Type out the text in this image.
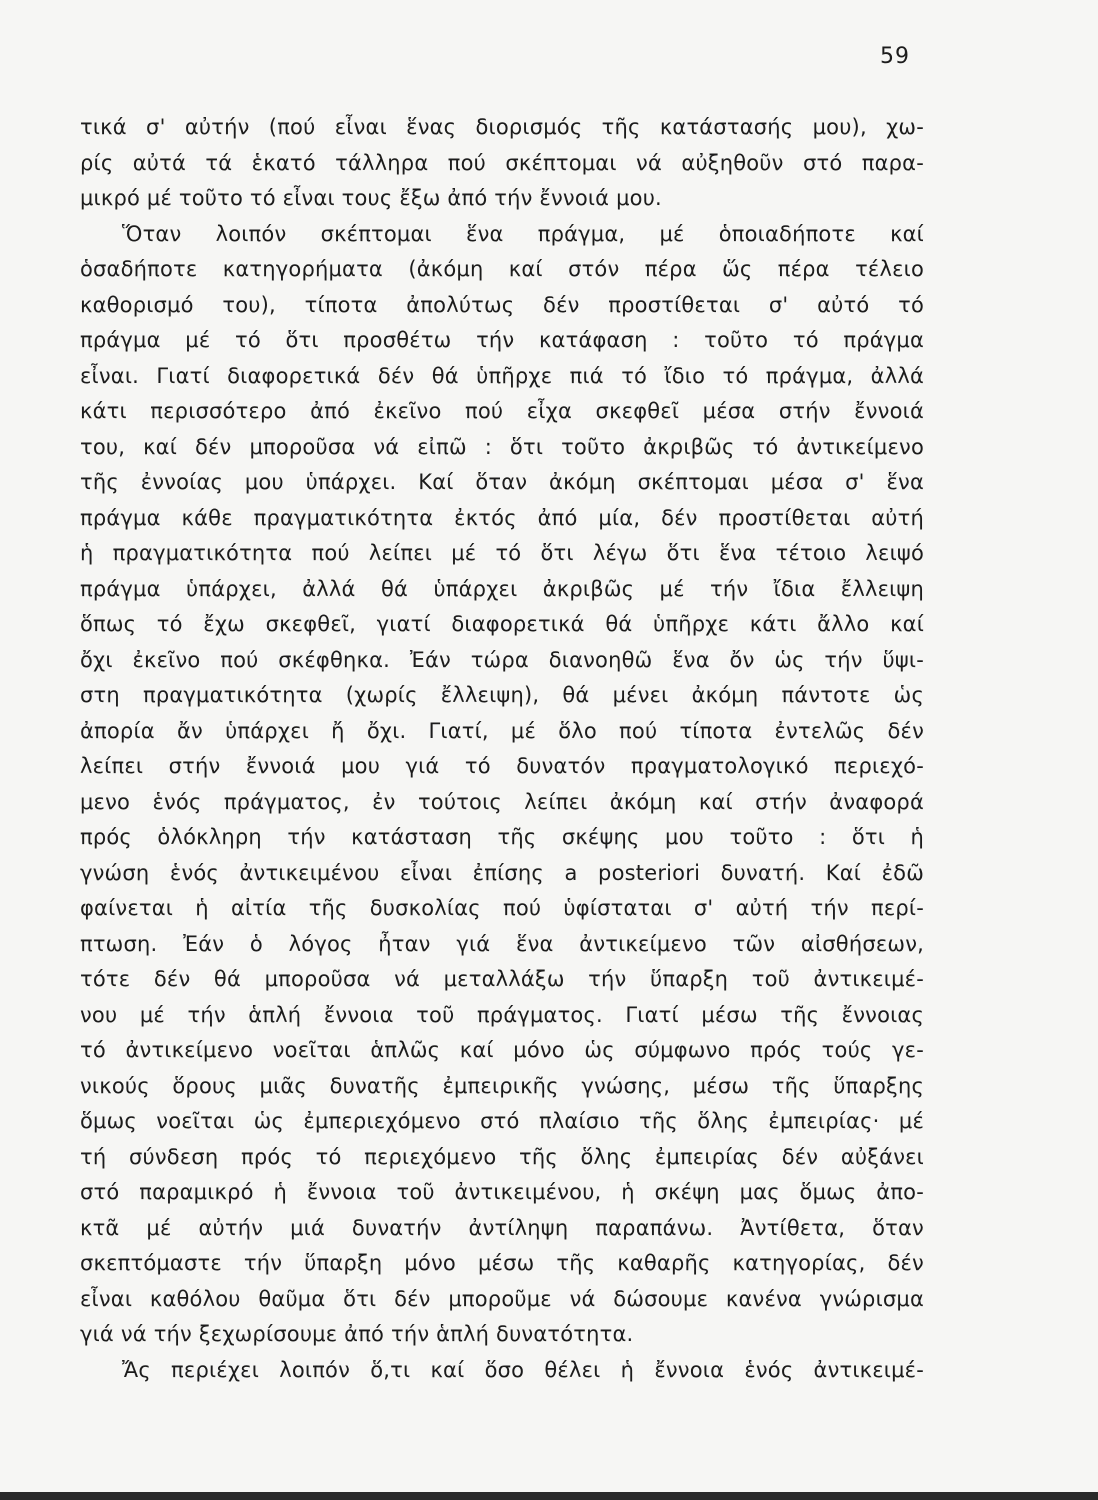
59
τικά σ' αὐτήν (πού εἶναι ἕνας διορισμός τῆς κατάστασής μου), χω-
ρίς αὐτά τά ἑκατό τάλληρα πού σκέπτομαι νά αὐξηθοῦν στό παρα-
μικρό μέ τοῦτο τό εἶναι τους ἔξω ἀπό τήν ἔννοιά μου.
Ὅταν λοιπόν σκέπτομαι ἕνα πράγμα, μέ ὁποιαδήποτε καί
ὁσαδήποτε κατηγορήματα (ἀκόμη καί στόν πέρα ὥς πέρα τέλειο
καθορισμό του), τίποτα ἀπολύτως δέν προστίθεται σ' αὐτό τό
πράγμα μέ τό ὅτι προσθέτω τήν κατάφαση : τοῦτο τό πράγμα
εἶναι. Γιατί διαφορετικά δέν θά ὑπῆρχε πιά τό ἴδιο τό πράγμα, ἀλλά
κάτι περισσότερο ἀπό ἐκεῖνο πού εἶχα σκεφθεῖ μέσα στήν ἔννοιά
του, καί δέν μποροῦσα νά εἰπῶ : ὅτι τοῦτο ἀκριβῶς τό ἀντικείμενο
τῆς ἐννοίας μου ὑπάρχει. Καί ὅταν ἀκόμη σκέπτομαι μέσα σ' ἕνα
πράγμα κάθε πραγματικότητα ἐκτός ἀπό μία, δέν προστίθεται αὐτή
ἡ πραγματικότητα πού λείπει μέ τό ὅτι λέγω ὅτι ἕνα τέτοιο λειψό
πράγμα ὑπάρχει, ἀλλά θά ὑπάρχει ἀκριβῶς μέ τήν ἴδια ἔλλειψη
ὅπως τό ἔχω σκεφθεῖ, γιατί διαφορετικά θά ὑπῆρχε κάτι ἄλλο καί
ὄχι ἐκεῖνο πού σκέφθηκα. Ἐάν τώρα διανοηθῶ ἕνα ὄν ὡς τήν ὕψι-
στη πραγματικότητα (χωρίς ἔλλειψη), θά μένει ἀκόμη πάντοτε ὡς
ἀπορία ἄν ὑπάρχει ἤ ὄχι. Γιατί, μέ ὅλο πού τίποτα ἐντελῶς δέν
λείπει στήν ἔννοιά μου γιά τό δυνατόν πραγματολογικό περιεχό-
μενο ἑνός πράγματος, ἐν τούτοις λείπει ἀκόμη καί στήν ἀναφορά
πρός ὁλόκληρη τήν κατάσταση τῆς σκέψης μου τοῦτο : ὅτι ἡ
γνώση ἑνός ἀντικειμένου εἶναι ἐπίσης a posteriori δυνατή. Καί ἐδῶ
φαίνεται ἡ αἰτία τῆς δυσκολίας πού ὑφίσταται σ' αὐτή τήν περί-
πτωση. Ἐάν ὁ λόγος ἦταν γιά ἕνα ἀντικείμενο τῶν αἰσθήσεων,
τότε δέν θά μποροῦσα νά μεταλλάξω τήν ὕπαρξη τοῦ ἀντικειμέ-
νου μέ τήν ἁπλή ἔννοια τοῦ πράγματος. Γιατί μέσω τῆς ἔννοιας
τό ἀντικείμενο νοεῖται ἁπλῶς καί μόνο ὡς σύμφωνο πρός τούς γε-
νικούς ὅρους μιᾶς δυνατῆς ἐμπειρικῆς γνώσης, μέσω τῆς ὕπαρξης
ὅμως νοεῖται ὡς ἐμπεριεχόμενο στό πλαίσιο τῆς ὅλης ἐμπειρίας· μέ
τή σύνδεση πρός τό περιεχόμενο τῆς ὅλης ἐμπειρίας δέν αὐξάνει
στό παραμικρό ἡ ἔννοια τοῦ ἀντικειμένου, ἡ σκέψη μας ὅμως ἀπο-
κτᾶ μέ αὐτήν μιά δυνατήν ἀντίληψη παραπάνω. Ἀντίθετα, ὅταν
σκεπτόμαστε τήν ὕπαρξη μόνο μέσω τῆς καθαρῆς κατηγορίας, δέν
εἶναι καθόλου θαῦμα ὅτι δέν μποροῦμε νά δώσουμε κανένα γνώρισμα
γιά νά τήν ξεχωρίσουμε ἀπό τήν ἁπλή δυνατότητα.
Ἄς περιέχει λοιπόν ὅ,τι καί ὅσο θέλει ἡ ἔννοια ἑνός ἀντικειμέ-
